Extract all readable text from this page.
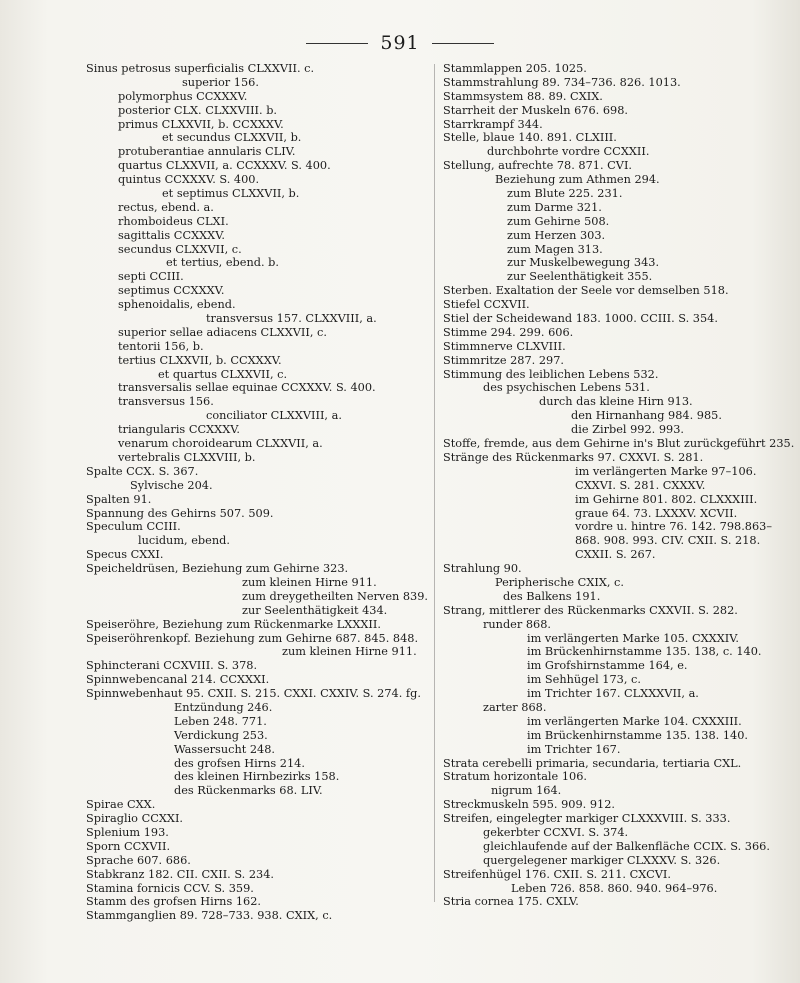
591
Sinus petrosus superficialis CLXXVII. c.
superior 156.
polymorphus CCXXXV.
posterior CLX. CLXXVIII. b.
primus CLXXVII, b. CCXXXV.
et secundus CLXXVII, b.
protuberantiae annularis CLIV.
quartus CLXXVII, a. CCXXXV. S. 400.
quintus CCXXXV. S. 400.
et septimus CLXXVII, b.
rectus, ebend. a.
rhomboideus CLXI.
sagittalis CCXXXV.
secundus CLXXVII, c.
et tertius, ebend. b.
septi CCIII.
septimus CCXXXV.
sphenoidalis, ebend.
transversus 157. CLXXVIII, a.
superior sellae adiacens CLXXVII, c.
tentorii 156, b.
tertius CLXXVII, b. CCXXXV.
et quartus CLXXVII, c.
transversalis sellae equinae CCXXXV. S. 400.
transversus 156.
conciliator CLXXVIII, a.
triangularis CCXXXV.
venarum choroidearum CLXXVII, a.
vertebralis CLXXVIII, b.
Spalte CCX. S. 367.
Sylvische 204.
Spalten 91.
Spannung des Gehirns 507. 509.
Speculum CCIII.
lucidum, ebend.
Specus CXXI.
Speicheldrüsen, Beziehung zum Gehirne 323.
zum kleinen Hirne 911.
zum dreygetheilten Nerven 839.
zur Seelenthätigkeit 434.
Speiseröhre, Beziehung zum Rückenmarke LXXXII.
Speiseröhrenkopf. Beziehung zum Gehirne 687. 845. 848.
zum kleinen Hirne 911.
Sphincterani CCXVIII. S. 378.
Spinnwebencanal 214. CCXXXI.
Spinnwebenhaut 95. CXII. S. 215. CXXI. CXXIV. S. 274. fg.
Entzündung 246.
Leben 248. 771.
Verdickung 253.
Wassersucht 248.
des grofsen Hirns 214.
des kleinen Hirnbezirks 158.
des Rückenmarks 68. LIV.
Spirae CXX.
Spiraglio CCXXI.
Splenium 193.
Sporn CCXVII.
Sprache 607. 686.
Stabkranz 182. CII. CXII. S. 234.
Stamina fornicis CCV. S. 359.
Stamm des grofsen Hirns 162.
Stammganglien 89. 728–733. 938. CXIX, c.
Stammlappen 205. 1025.
Stammstrahlung 89. 734–736. 826. 1013.
Stammsystem 88. 89. CXIX.
Starrheit der Muskeln 676. 698.
Starrkrampf 344.
Stelle, blaue 140. 891. CLXIII.
durchbohrte vordre CCXXII.
Stellung, aufrechte 78. 871. CVI.
Beziehung zum Athmen 294.
zum Blute 225. 231.
zum Darme 321.
zum Gehirne 508.
zum Herzen 303.
zum Magen 313.
zur Muskelbewegung 343.
zur Seelenthätigkeit 355.
Sterben. Exaltation der Seele vor demselben 518.
Stiefel CCXVII.
Stiel der Scheidewand 183. 1000. CCIII. S. 354.
Stimme 294. 299. 606.
Stimmnerve CLXVIII.
Stimmritze 287. 297.
Stimmung des leiblichen Lebens 532.
des psychischen Lebens 531.
durch das kleine Hirn 913.
den Hirnanhang 984. 985.
die Zirbel 992. 993.
Stoffe, fremde, aus dem Gehirne in's Blut zurückgeführt 235.
Stränge des Rückenmarks 97. CXXVI. S. 281.
im verlängerten Marke 97–106.
CXXVI. S. 281. CXXXV.
im Gehirne 801. 802. CLXXXIII.
graue 64. 73. LXXXV. XCVII.
vordre u. hintre 76. 142. 798.863–
868. 908. 993. CIV. CXII. S. 218.
CXXII. S. 267.
Strahlung 90.
Peripherische CXIX, c.
des Balkens 191.
Strang, mittlerer des Rückenmarks CXXVII. S. 282.
runder 868.
im verlängerten Marke 105. CXXXIV.
im Brückenhirnstamme 135. 138, c. 140.
im Grofshirnstamme 164, e.
im Sehhügel 173, c.
im Trichter 167. CLXXXVII, a.
zarter 868.
im verlängerten Marke 104. CXXXIII.
im Brückenhirnstamme 135. 138. 140.
im Trichter 167.
Strata cerebelli primaria, secundaria, tertiaria CXL.
Stratum horizontale 106.
nigrum 164.
Streckmuskeln 595. 909. 912.
Streifen, eingelegter markiger CLXXXVIII. S. 333.
gekerbter CCXVI. S. 374.
gleichlaufende auf der Balkenfläche CCIX. S. 366.
quergelegener markiger CLXXXV. S. 326.
Streifenhügel 176. CXII. S. 211. CXCVI.
Leben 726. 858. 860. 940. 964–976.
Stria cornea 175. CXLV.
